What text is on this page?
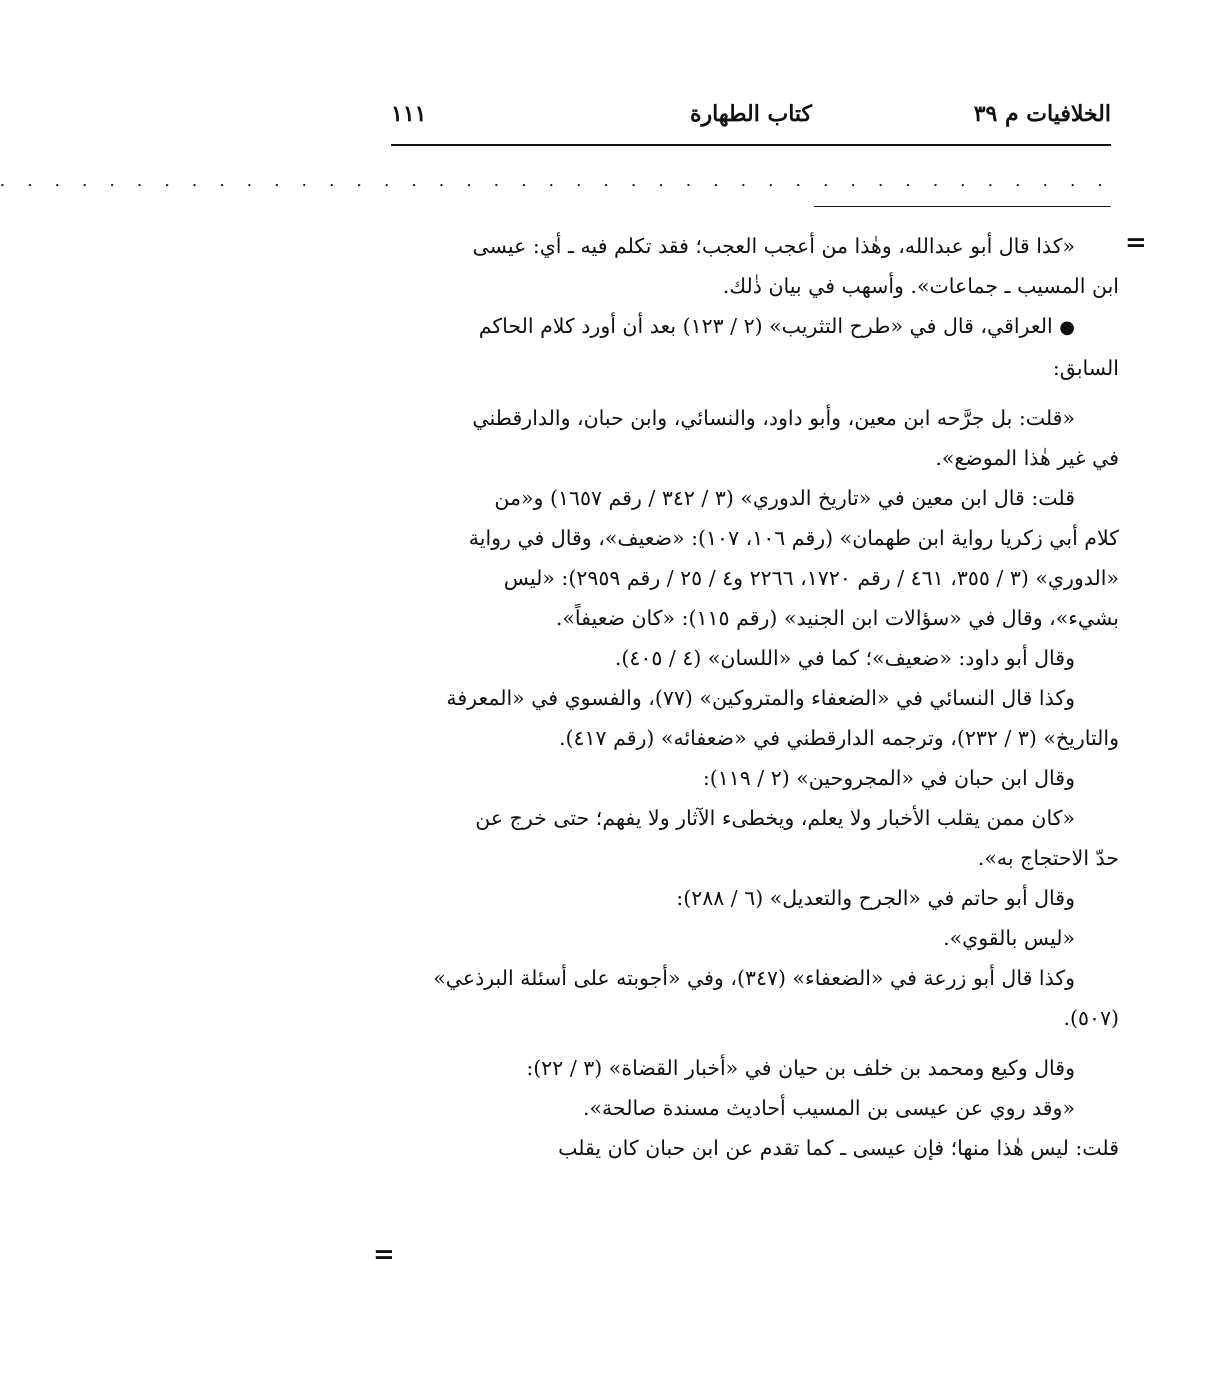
الخلافيات م ٣٩
كتاب الطهارة
١١١
. . . . . . . . . . . . . . . . . . . . . . . . . . . . . . . . . . . . . . . . .
=
=

«كذا قال أبو عبدالله، وهٰذا من أعجب العجب؛ فقد تكلم فيه ـ أي: عيسى

ابن المسيب ـ جماعات». وأسهب في بيان ذٰلك.

● العراقي، قال في «طرح التثريب» (٢ / ١٢٣) بعد أن أورد كلام الحاكم

السابق:

«قلت: بل جرَّحه ابن معين، وأبو داود، والنسائي، وابن حبان، والدارقطني

في غير هٰذا الموضع».

قلت: قال ابن معين في «تاريخ الدوري» (٣ / ٣٤٢ / رقم ١٦٥٧) و«من

كلام أبي زكريا رواية ابن طهمان» (رقم ١٠٦، ١٠٧): «ضعيف»، وقال في رواية

«الدوري» (٣ / ٣٥٥، ٤٦١ / رقم ١٧٢٠، ٢٢٦٦ و٤ / ٢٥ / رقم ٢٩٥٩): «ليس

بشيء»، وقال في «سؤالات ابن الجنيد» (رقم ١١٥): «كان ضعيفاً».

وقال أبو داود: «ضعيف»؛ كما في «اللسان» (٤ / ٤٠٥).

وكذا قال النسائي في «الضعفاء والمتروكين» (٧٧)، والفسوي في «المعرفة

والتاريخ» (٣ / ٢٣٢)، وترجمه الدارقطني في «ضعفائه» (رقم ٤١٧).

وقال ابن حبان في «المجروحين» (٢ / ١١٩):

«كان ممن يقلب الأخبار ولا يعلم، ويخطىء الآثار ولا يفهم؛ حتى خرج عن

حدّ الاحتجاج به».

وقال أبو حاتم في «الجرح والتعديل» (٦ / ٢٨٨):

«ليس بالقوي».

وكذا قال أبو زرعة في «الضعفاء» (٣٤٧)، وفي «أجوبته على أسئلة البرذعي»

(٥٠٧).

وقال وكيع ومحمد بن خلف بن حيان في «أخبار القضاة» (٣ / ٢٢):

«وقد روي عن عيسى بن المسيب أحاديث مسندة صالحة».

قلت: ليس هٰذا منها؛ فإن عيسى ـ كما تقدم عن ابن حبان كان يقلب
